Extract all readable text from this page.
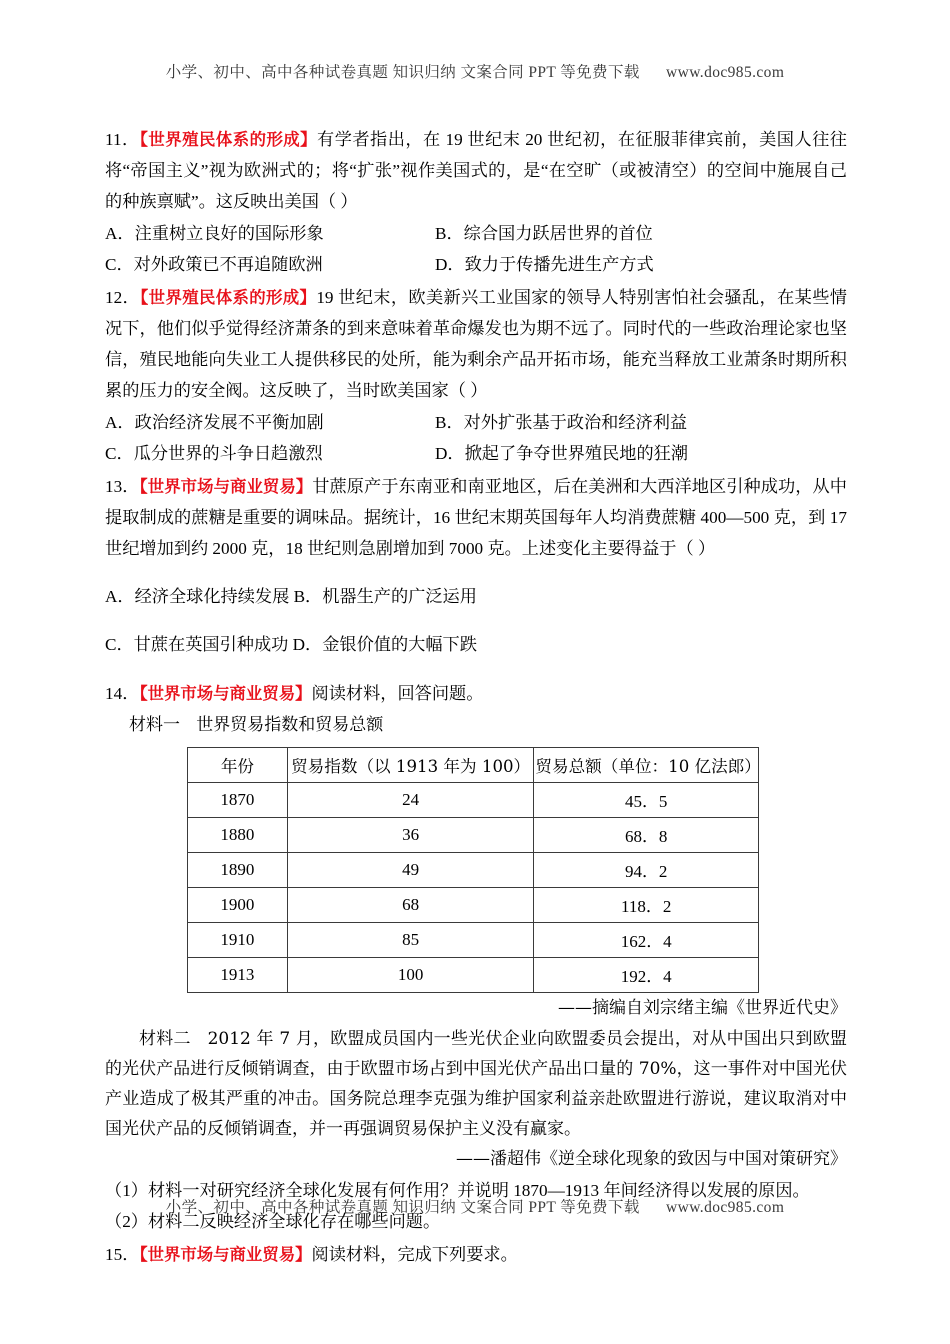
小学、初中、高中各种试卷真题 知识归纳 文案合同 PPT 等免费下载 www.doc985.com

11．【世界殖民体系的形成】有学者指出，在 19 世纪末 20 世纪初，在征服菲律宾前，美国人往往将“帝国主义”视为欧洲式的；将“扩张”视作美国式的，是“在空旷（或被清空）的空间中施展自己的种族禀赋”。这反映出美国（ ）

A．注重树立良好的国际形象	B．综合国力跃居世界的首位
C．对外政策已不再追随欧洲	D．致力于传播先进生产方式

12．【世界殖民体系的形成】19 世纪末，欧美新兴工业国家的领导人特别害怕社会骚乱，在某些情况下，他们似乎觉得经济萧条的到来意味着革命爆发也为期不远了。同时代的一些政治理论家也坚信，殖民地能向失业工人提供移民的处所，能为剩余产品开拓市场，能充当释放工业萧条时期所积累的压力的安全阀。这反映了，当时欧美国家（ ）

A．政治经济发展不平衡加剧	B．对外扩张基于政治和经济利益
C．瓜分世界的斗争日趋激烈	D．掀起了争夺世界殖民地的狂潮

13．【世界市场与商业贸易】甘蔗原产于东南亚和南亚地区，后在美洲和大西洋地区引种成功，从中提取制成的蔗糖是重要的调味品。据统计，16 世纪末期英国每年人均消费蔗糖 400—500 克，到 17 世纪增加到约 2000 克，18 世纪则急剧增加到 7000 克。上述变化主要得益于（ ）

A．经济全球化持续发展 B．机器生产的广泛运用

C．甘蔗在英国引种成功 D．金银价值的大幅下跌

14．【世界市场与商业贸易】阅读材料，回答问题。

材料一 世界贸易指数和贸易总额

年份	贸易指数（以 1913 年为 100）	贸易总额（单位：10 亿法郎）
1870	24	45．5
1880	36	68．8
1890	49	94．2
1900	68	118．2
1910	85	162．4
1913	100	192．4

——摘编自刘宗绪主编《世界近代史》

材料二 2012 年 7 月，欧盟成员国内一些光伏企业向欧盟委员会提出，对从中国出只到欧盟的光伏产品进行反倾销调查，由于欧盟市场占到中国光伏产品出口量的 70%，这一事件对中国光伏产业造成了极其严重的冲击。国务院总理李克强为维护国家利益亲赴欧盟进行游说，建议取消对中国光伏产品的反倾销调查，并一再强调贸易保护主义没有赢家。

——潘超伟《逆全球化现象的致因与中国对策研究》

（1）材料一对研究经济全球化发展有何作用？并说明 1870—1913 年间经济得以发展的原因。

（2）材料二反映经济全球化存在哪些问题。

15．【世界市场与商业贸易】阅读材料，完成下列要求。

小学、初中、高中各种试卷真题 知识归纳 文案合同 PPT 等免费下载 www.doc985.com
